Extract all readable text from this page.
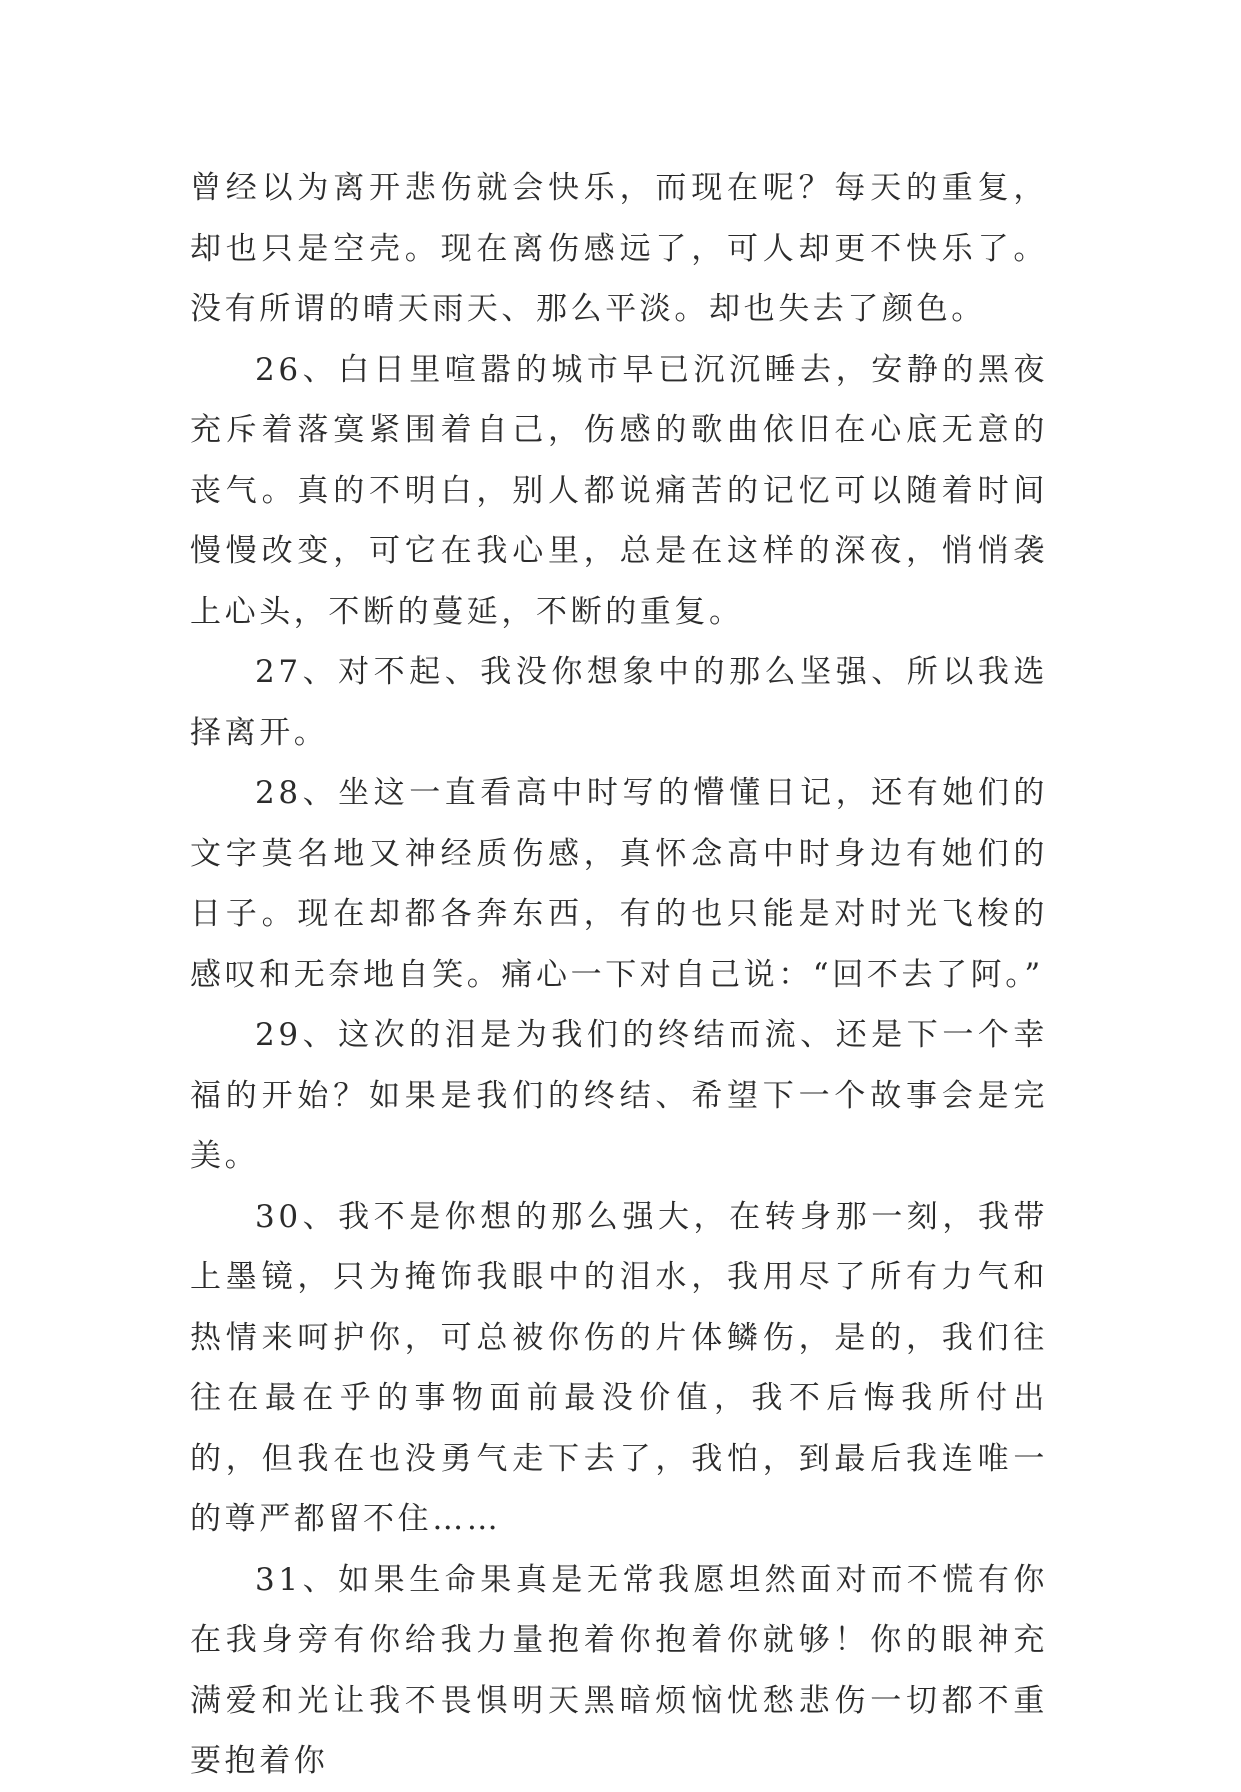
曾经以为离开悲伤就会快乐，而现在呢？每天的重复，却也只是空壳。现在离伤感远了，可人却更不快乐了。没有所谓的晴天雨天、那么平淡。却也失去了颜色。

26、白日里喧嚣的城市早已沉沉睡去，安静的黑夜充斥着落寞紧围着自己，伤感的歌曲依旧在心底无意的丧气。真的不明白，别人都说痛苦的记忆可以随着时间慢慢改变，可它在我心里，总是在这样的深夜，悄悄袭上心头，不断的蔓延，不断的重复。

27、对不起、我没你想象中的那么坚强、所以我选择离开。

28、坐这一直看高中时写的懵懂日记，还有她们的文字莫名地又神经质伤感，真怀念高中时身边有她们的日子。现在却都各奔东西，有的也只能是对时光飞梭的感叹和无奈地自笑。痛心一下对自己说：“回不去了阿。”

29、这次的泪是为我们的终结而流、还是下一个幸福的开始？如果是我们的终结、希望下一个故事会是完美。

30、我不是你想的那么强大，在转身那一刻，我带上墨镜，只为掩饰我眼中的泪水，我用尽了所有力气和热情来呵护你，可总被你伤的片体鳞伤，是的，我们往往在最在乎的事物面前最没价值，我不后悔我所付出的，但我在也没勇气走下去了，我怕，到最后我连唯一的尊严都留不住……

31、如果生命果真是无常我愿坦然面对而不慌有你在我身旁有你给我力量抱着你抱着你就够！你的眼神充满爱和光让我不畏惧明天黑暗烦恼忧愁悲伤一切都不重要抱着你
